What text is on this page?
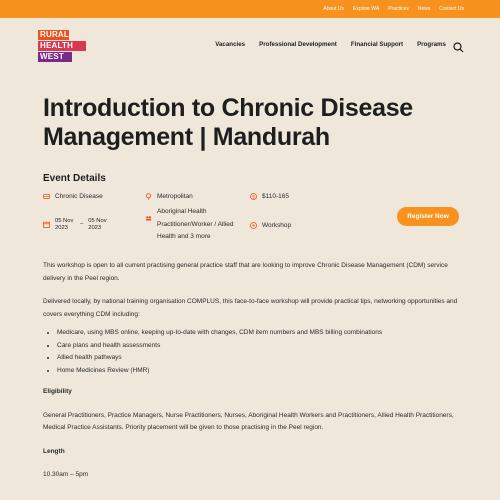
About Us Explore WA Practices News Contact Us
RURAL
HEALTH
WEST
Vacancies Professional Development Financial Support Programs
Introduction to Chronic Disease Management | Mandurah
Event Details
Chronic Disease	Metropolitan	$ $110-165
05 Nov 2023
–
05 Nov 2023
Aboriginal Health Practitioner/Worker / Allied Health and 3 more
Workshop
Register Now

This workshop is open to all current practising general practice staff that are looking to improve Chronic Disease Management (CDM) service delivery in the Peel region.

Delivered locally, by national training organisation COMPLUS, this face-to-face workshop will provide practical tips, networking opportunities and covers everything CDM including:

• Medicare, using MBS online, keeping up-to-date with changes, CDM item numbers and MBS billing combinations
• Care plans and health assessments
• Allied health pathways
• Home Medicines Review (HMR)

Eligibility

General Practitioners, Practice Managers, Nurse Practitioners, Nurses, Aboriginal Health Workers and Practitioners, Allied Health Practitioners, Medical Practice Assistants. Priority placement will be given to those practising in the Peel region.

Length

10.30am – 5pm
